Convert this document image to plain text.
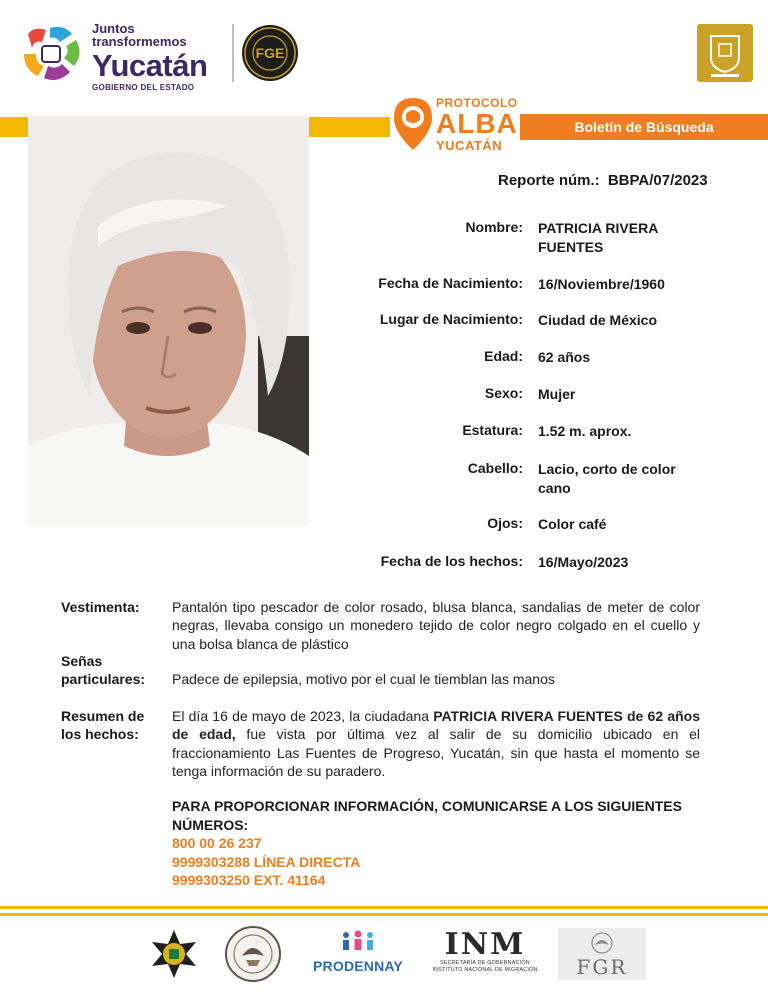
Juntos transformemos
Yucatán
GOBIERNO DEL ESTADO
FGE
Boletín de Búsqueda
PROTOCOLO
ALBA
YUCATÁN
Reporte núm.: BBPA/07/2023
Nombre: PATRICIA RIVERA FUENTES
Fecha de Nacimiento: 16/Noviembre/1960
Lugar de Nacimiento: Ciudad de México
Edad: 62 años
Sexo: Mujer
Estatura: 1.52 m. aprox.
Cabello: Lacio, corto de color cano
Ojos: Color café
Fecha de los hechos: 16/Mayo/2023
Vestimenta:	Pantalón tipo pescador de color rosado, blusa blanca, sandalias de meter de color negras, llevaba consigo un monedero tejido de color negro colgado en el cuello y una bolsa blanca de plástico
Señas particulares:	Padece de epilepsia, motivo por el cual le tiemblan las manos
Resumen de los hechos:
El día 16 de mayo de 2023, la ciudadana PATRICIA RIVERA FUENTES de 62 años de edad, fue vista por última vez al salir de su domicilio ubicado en el fraccionamiento Las Fuentes de Progreso, Yucatán, sin que hasta el momento se tenga información de su paradero.
PARA PROPORCIONAR INFORMACIÓN, COMUNICARSE A LOS SIGUIENTES NÚMEROS:
800 00 26 237
9999303288 LÍNEA DIRECTA
9999303250 EXT. 41164
PRODENNAY
INM
SECRETARÍA DE GOBERNACIÓN
INSTITUTO NACIONAL DE MIGRACIÓN	FGR
